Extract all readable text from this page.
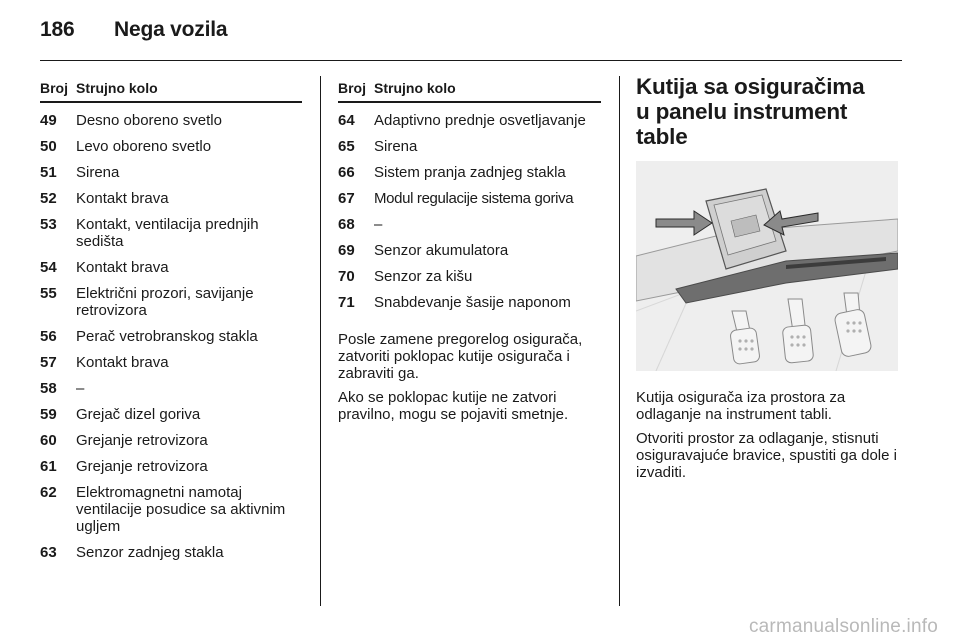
186 Nega vozila
Broj Strujno kolo
49	Desno oboreno svetlo
50	Levo oboreno svetlo
51	Sirena
52	Kontakt brava
53	Kontakt, ventilacija prednjih sedišta
54	Kontakt brava
55	Električni prozori, savijanje retrovizora
56	Perač vetrobranskog stakla
57	Kontakt brava
58	–
59	Grejač dizel goriva
60	Grejanje retrovizora
61	Grejanje retrovizora
62	Elektromagnetni namotaj ventilacije posudice sa aktivnim ugljem
63	Senzor zadnjeg stakla
Broj Strujno kolo
64	Adaptivno prednje osvetljavanje
65	Sirena
66	Sistem pranja zadnjeg stakla
67	Modul regulacije sistema goriva
68	–
69	Senzor akumulatora
70	Senzor za kišu
71	Snabdevanje šasije naponom

Posle zamene pregorelog osigurača, zatvoriti poklopac kutije osigurača i zabraviti ga.

Ako se poklopac kutije ne zatvori pravilno, mogu se pojaviti smetnje.

Kutija sa osiguračima
u panelu instrument table

Kutija osigurača iza prostora za odlaganje na instrument tabli.

Otvoriti prostor za odlaganje, stisnuti osiguravajuće bravice, spustiti ga dole i izvaditi.

carmanualsonline.info
